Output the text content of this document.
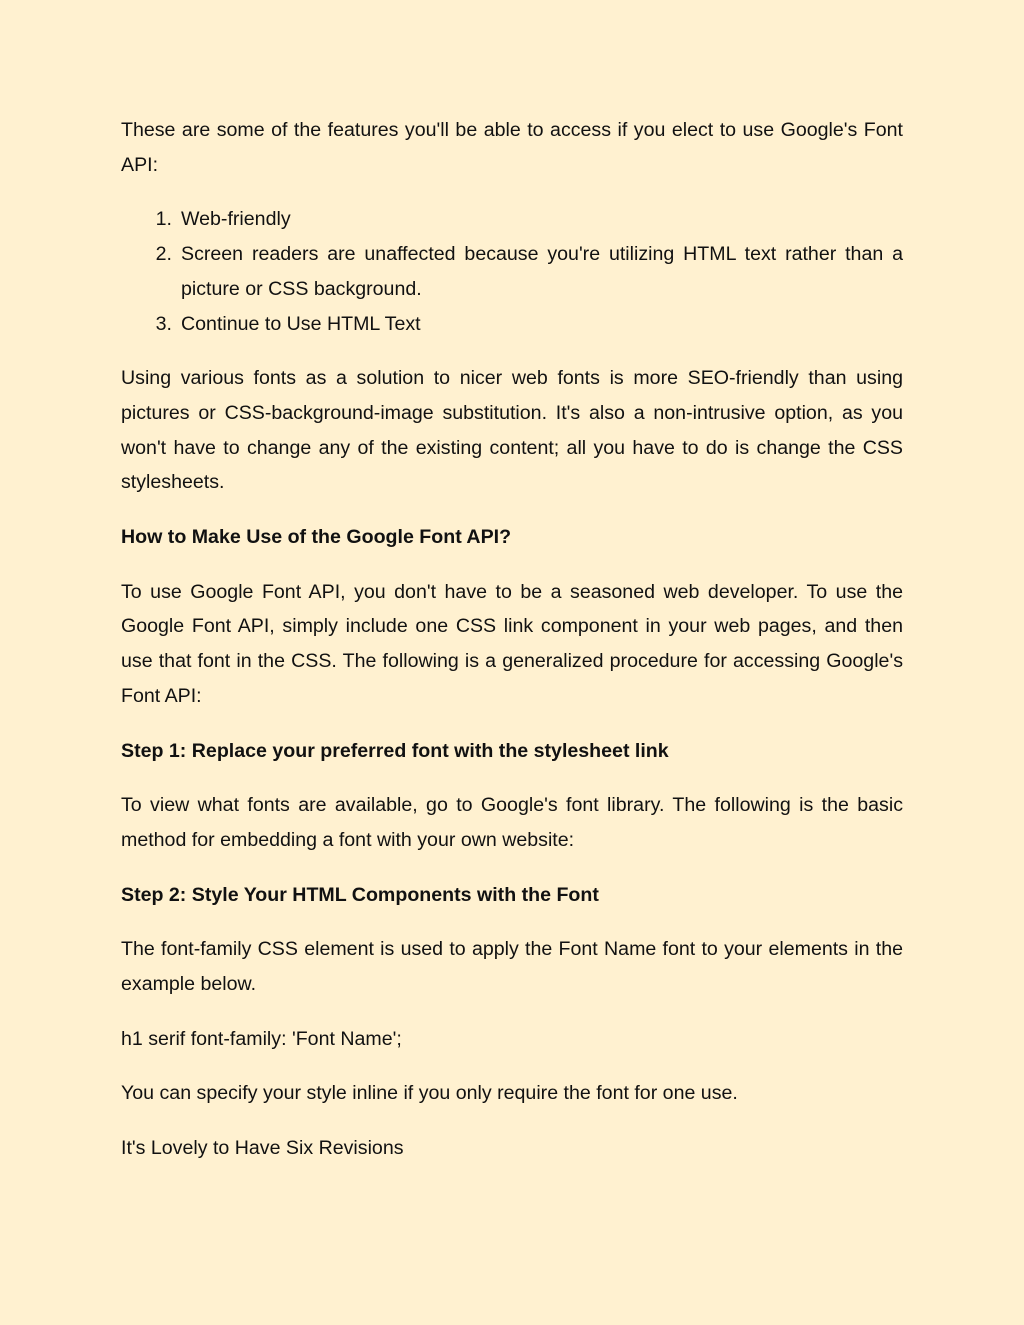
These are some of the features you'll be able to access if you elect to use Google's Font API:

1. Web-friendly
2. Screen readers are unaffected because you're utilizing HTML text rather than a picture or CSS background.
3. Continue to Use HTML Text

Using various fonts as a solution to nicer web fonts is more SEO-friendly than using pictures or CSS-background-image substitution. It's also a non-intrusive option, as you won't have to change any of the existing content; all you have to do is change the CSS stylesheets.

How to Make Use of the Google Font API?

To use Google Font API, you don't have to be a seasoned web developer. To use the Google Font API, simply include one CSS link component in your web pages, and then use that font in the CSS. The following is a generalized procedure for accessing Google's Font API:

Step 1: Replace your preferred font with the stylesheet link

To view what fonts are available, go to Google's font library. The following is the basic method for embedding a font with your own website:

Step 2: Style Your HTML Components with the Font

The font-family CSS element is used to apply the Font Name font to your elements in the example below.

h1 serif font-family: 'Font Name';

You can specify your style inline if you only require the font for one use.

It's Lovely to Have Six Revisions
